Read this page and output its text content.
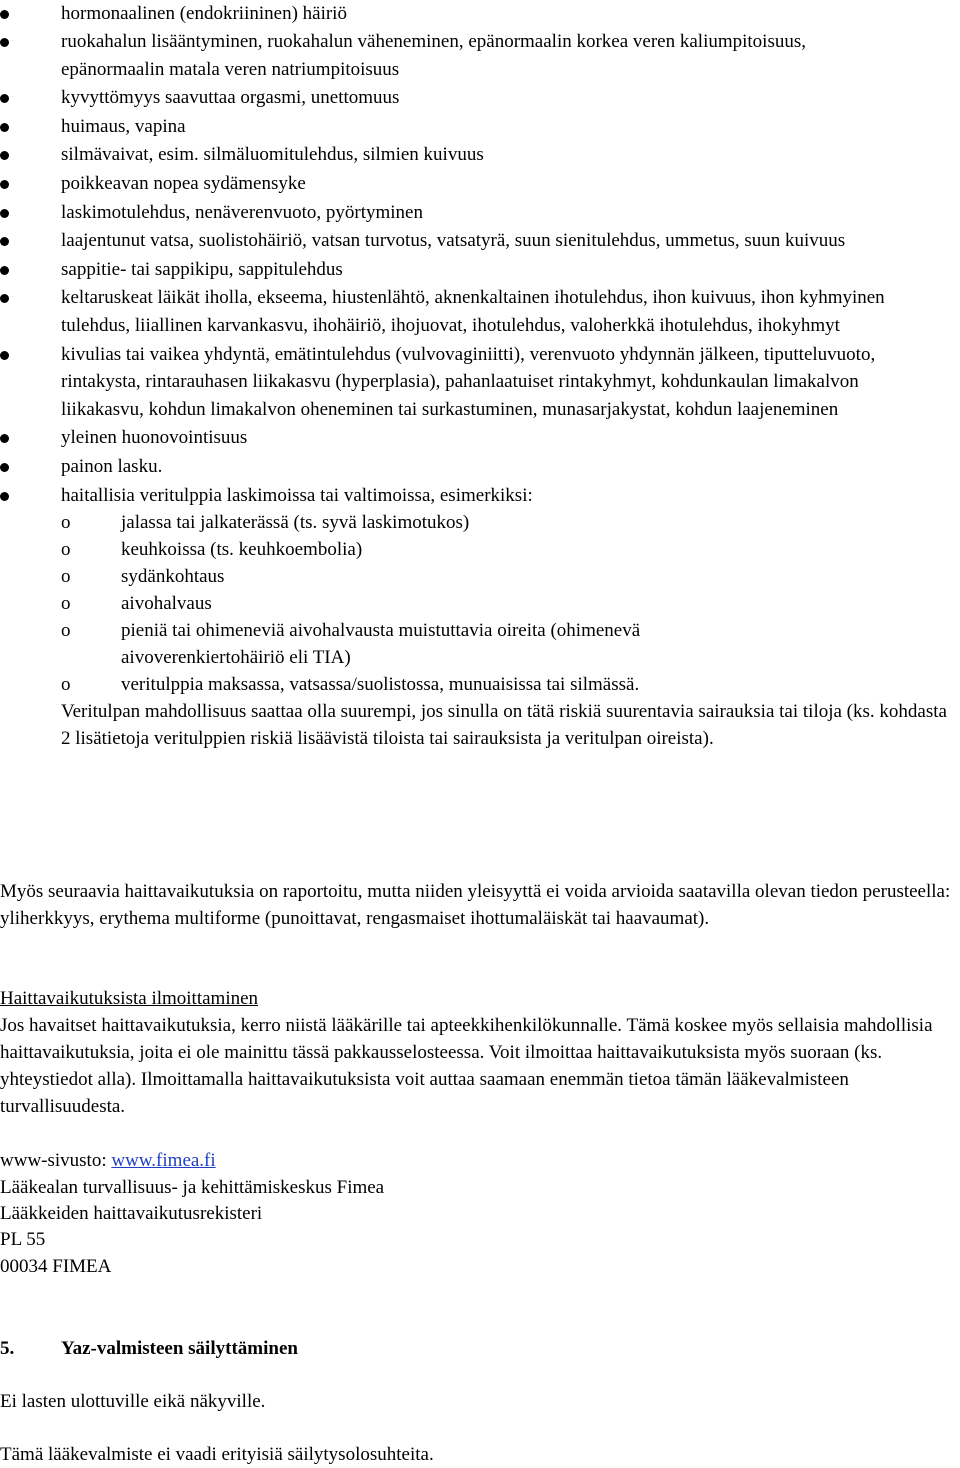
hormonaalinen (endokriininen) häiriö
ruokahalun lisääntyminen, ruokahalun väheneminen, epänormaalin korkea veren kaliumpitoisuus, epänormaalin matala veren natriumpitoisuus
kyvyttömyys saavuttaa orgasmi, unettomuus
huimaus, vapina
silmävaivat, esim. silmäluomitulehdus, silmien kuivuus
poikkeavan nopea sydämensyke
laskimotulehdus, nenäverenvuoto, pyörtyminen
laajentunut vatsa, suolistohäiriö, vatsan turvotus, vatsatyrä, suun sienitulehdus, ummetus, suun kuivuus
sappitie- tai sappikipu, sappitulehdus
keltaruskeat läikät iholla, ekseema, hiustenlähtö, aknenkaltainen ihotulehdus, ihon kuivuus, ihon kyhmyinen tulehdus, liiallinen karvankasvu, ihohäiriö, ihojuovat, ihotulehdus, valoherkkä ihotulehdus, ihokyhmyt
kivulias tai vaikea yhdyntä, emätintulehdus (vulvovaginiitti), verenvuoto yhdynnän jälkeen, tiputteluvuoto, rintakysta, rintarauhasen liikakasvu (hyperplasia), pahanlaatuiset rintakyhmyt, kohdunkaulan limakalvon liikakasvu, kohdun limakalvon oheneminen tai surkastuminen, munasarjakystat, kohdun laajeneminen
yleinen huonovointisuus
painon lasku.
haitallisia veritulppia laskimoissa tai valtimoissa, esimerkiksi:
o	jalassa tai jalkaterässä (ts. syvä laskimotukos)
o	keuhkoissa (ts. keuhkoembolia)
o	sydänkohtaus
o	aivohalvaus
o	pieniä tai ohimeneviä aivohalvausta muistuttavia oireita (ohimenevä aivoverenkiertohäiriö eli TIA)
o	veritulppia maksassa, vatsassa/suolistossa, munuaisissa tai silmässä.
Veritulpan mahdollisuus saattaa olla suurempi, jos sinulla on tätä riskiä suurentavia sairauksia tai tiloja (ks. kohdasta 2 lisätietoja veritulppien riskiä lisäävistä tiloista tai sairauksista ja veritulpan oireista).
Myös seuraavia haittavaikutuksia on raportoitu, mutta niiden yleisyyttä ei voida arvioida saatavilla olevan tiedon perusteella: yliherkkyys, erythema multiforme (punoittavat, rengasmaiset ihottumaläiskät tai haavaumat).
Haittavaikutuksista ilmoittaminen
Jos havaitset haittavaikutuksia, kerro niistä lääkärille tai apteekkihenkilökunnalle. Tämä koskee myös sellaisia mahdollisia haittavaikutuksia, joita ei ole mainittu tässä pakkausselosteessa. Voit ilmoittaa haittavaikutuksista myös suoraan (ks. yhteystiedot alla). Ilmoittamalla haittavaikutuksista voit auttaa saamaan enemmän tietoa tämän lääkevalmisteen turvallisuudesta.
www-sivusto: www.fimea.fi
Lääkealan turvallisuus- ja kehittämiskeskus Fimea
Lääkkeiden haittavaikutusrekisteri
PL 55
00034 FIMEA
5. Yaz-valmisteen säilyttäminen
Ei lasten ulottuville eikä näkyville.
Tämä lääkevalmiste ei vaadi erityisiä säilytysolosuhteita.
